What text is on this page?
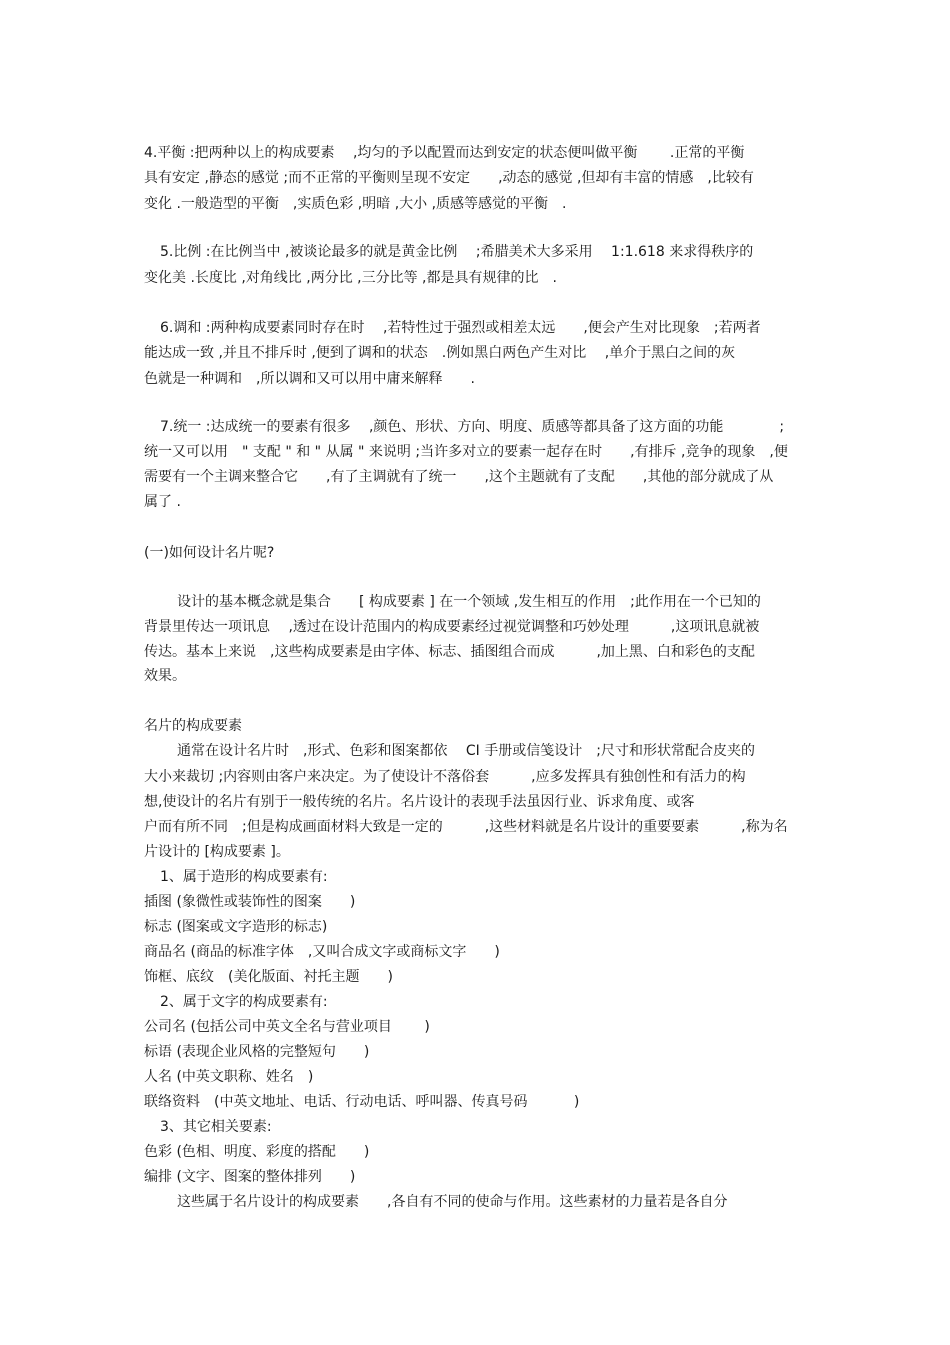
4.平衡 :把两种以上的构成要素　 ,均匀的予以配置而达到安定的状态便叫做平衡　　 .正常的平衡
具有安定 ,静态的感觉 ;而不正常的平衡则呈现不安定　　,动态的感觉 ,但却有丰富的情感　,比较有
变化 .一般造型的平衡　,实质色彩 ,明暗 ,大小 ,质感等感觉的平衡　.
5.比例 :在比例当中 ,被谈论最多的就是黄金比例　 ;希腊美术大多采用　 1:1.618 来求得秩序的
变化美 .长度比 ,对角线比 ,两分比 ,三分比等 ,都是具有规律的比　.
6.调和 :两种构成要素同时存在时　 ,若特性过于强烈或相差太远　　,便会产生对比现象　;若两者
能达成一致 ,并且不排斥时 ,便到了调和的状态　.例如黑白两色产生对比　 ,单介于黑白之间的灰
色就是一种调和　,所以调和又可以用中庸来解释　　.
7.统一 :达成统一的要素有很多　 ,颜色、形状、方向、明度、质感等都具备了这方面的功能　　　　;
统一又可以用　" 支配 " 和 " 从属 " 来说明 ;当许多对立的要素一起存在时　　,有排斥 ,竞争的现象　,便
需要有一个主调来整合它　　,有了主调就有了统一　　,这个主题就有了支配　　,其他的部分就成了从
属了 .
(一)如何设计名片呢?
设计的基本概念就是集合　　[ 构成要素 ] 在一个领域 ,发生相互的作用　;此作用在一个已知的
背景里传达一项讯息　 ,透过在设计范围内的构成要素经过视觉调整和巧妙处理　　　,这项讯息就被
传达。基本上来说　,这些构成要素是由字体、标志、插图组合而成　　　,加上黑、白和彩色的支配
效果。
名片的构成要素
通常在设计名片时　,形式、色彩和图案都依　 CI 手册或信笺设计　;尺寸和形状常配合皮夹的
大小来裁切 ;内容则由客户来决定。为了使设计不落俗套　　　,应多发挥具有独创性和有活力的构
想,使设计的名片有别于一般传统的名片。名片设计的表现手法虽因行业、诉求角度、或客
户而有所不同　;但是构成画面材料大致是一定的　　　,这些材料就是名片设计的重要要素　　　,称为名
片设计的 [构成要素 ]。
1、属于造形的构成要素有:
插图 (象微性或装饰性的图案　　)
标志 (图案或文字造形的标志)
商品名 (商品的标准字体　,又叫合成文字或商标文字　　)
饰框、底纹　(美化版面、衬托主题　　)
2、属于文字的构成要素有:
公司名 (包括公司中英文全名与营业项目　　 )
标语 (表现企业风格的完整短句　　)
人名 (中英文职称、姓名　)
联络资料　(中英文地址、电话、行动电话、呼叫器、传真号码　　　 )
3、其它相关要素:
色彩 (色相、明度、彩度的搭配　　)
编排 (文字、图案的整体排列　　)
这些属于名片设计的构成要素　　,各自有不同的使命与作用。这些素材的力量若是各自分
